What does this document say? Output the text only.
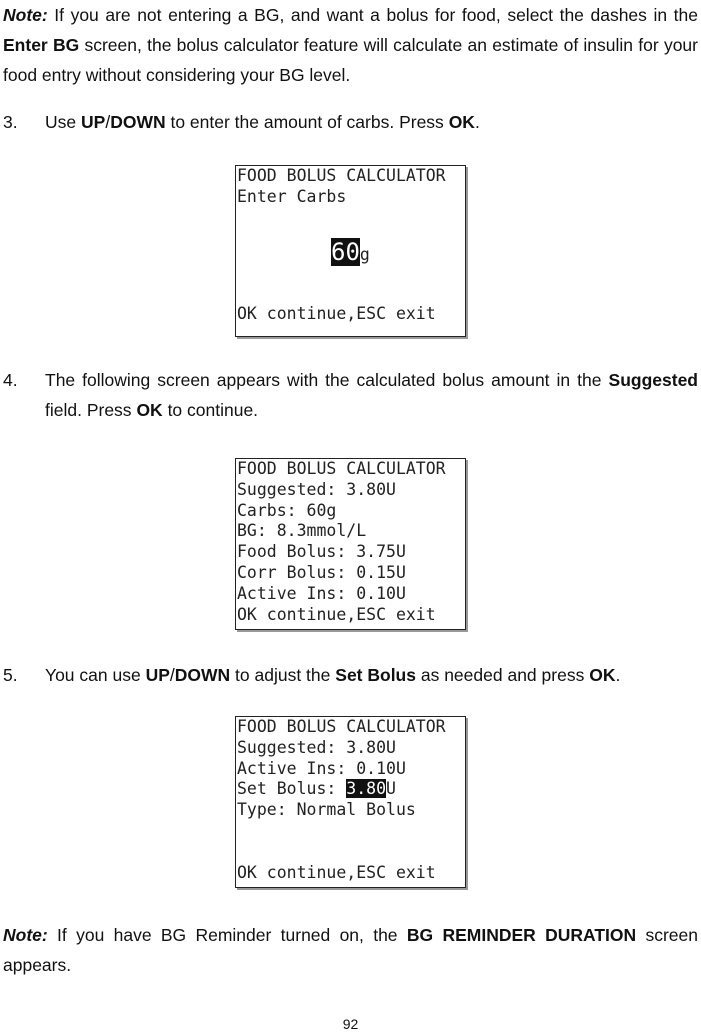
Note: If you are not entering a BG, and want a bolus for food, select the dashes in the Enter BG screen, the bolus calculator feature will calculate an estimate of insulin for your food entry without considering your BG level.
3. Use UP/DOWN to enter the amount of carbs. Press OK.
FOOD BOLUS CALCULATOR
Enter Carbs
60g
OK continue,ESC exit
4. The following screen appears with the calculated bolus amount in the Suggested field. Press OK to continue.
FOOD BOLUS CALCULATOR
Suggested: 3.80U
Carbs: 60g
BG: 8.3mmol/L
Food Bolus: 3.75U
Corr Bolus: 0.15U
Active Ins: 0.10U
OK continue,ESC exit
5. You can use UP/DOWN to adjust the Set Bolus as needed and press OK.
FOOD BOLUS CALCULATOR
Suggested: 3.80U
Active Ins: 0.10U
Set Bolus: 3.80U
Type: Normal Bolus
OK continue,ESC exit
Note: If you have BG Reminder turned on, the BG REMINDER DURATION screen appears.
92
